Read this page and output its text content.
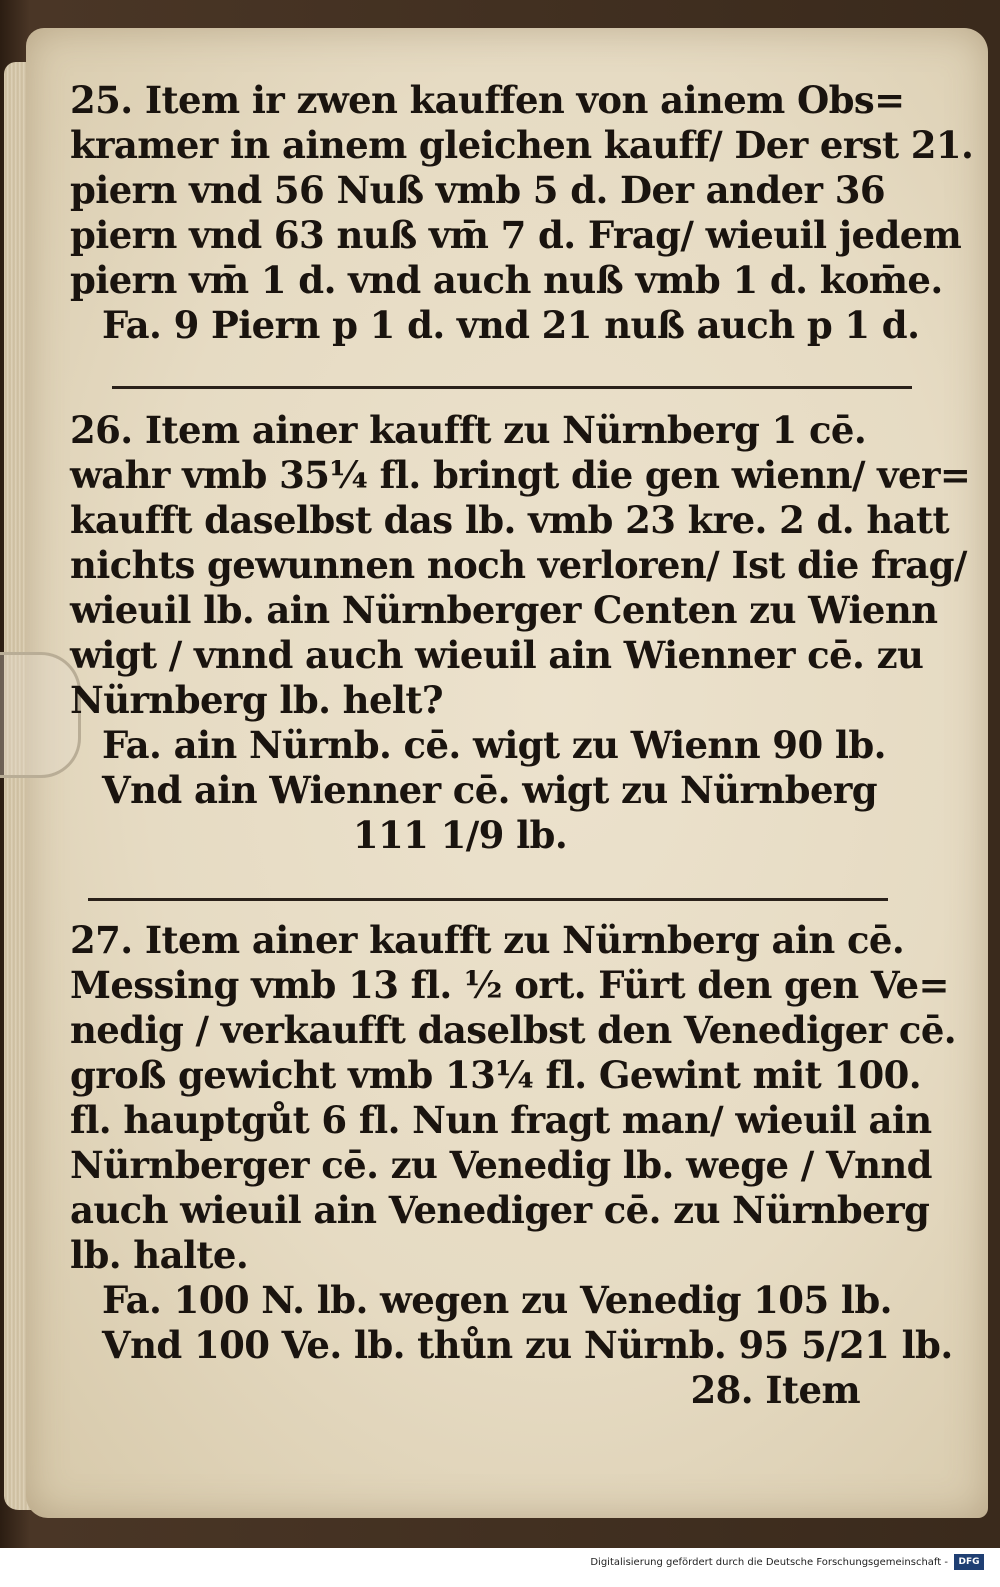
25. Item ir zwen kauffen von ainem Obs=
kramer in ainem gleichen kauff/ Der erst 21.
piern vnd 56 Nuß vmb 5 d. Der ander 36
piern vnd 63 nuß vm̄ 7 d. Frag/ wieuil jedem
piern vm̄ 1 d. vnd auch nuß vmb 1 d. kom̄e.
Fa. 9 Piern p 1 d. vnd 21 nuß auch p 1 d.
26. Item ainer kaufft zu Nürnberg 1 cē.
wahr vmb 35¼ fl. bringt die gen wienn/ ver=
kaufft daselbst das lb. vmb 23 kre. 2 d. hatt
nichts gewunnen noch verloren/ Ist die frag/
wieuil lb. ain Nürnberger Centen zu Wienn
wigt / vnnd auch wieuil ain Wienner cē. zu
Nürnberg lb. helt?
Fa. ain Nürnb. cē. wigt zu Wienn 90 lb.
Vnd ain Wienner cē. wigt zu Nürnberg
111 1/9 lb.
27. Item ainer kaufft zu Nürnberg ain cē.
Messing vmb 13 fl. ½ ort. Fürt den gen Ve=
nedig / verkaufft daselbst den Venediger cē.
groß gewicht vmb 13¼ fl. Gewint mit 100.
fl. hauptgůt 6 fl. Nun fragt man/ wieuil ain
Nürnberger cē. zu Venedig lb. wege / Vnnd
auch wieuil ain Venediger cē. zu Nürnberg
lb. halte.
Fa. 100 N. lb. wegen zu Venedig 105 lb.
Vnd 100 Ve. lb. thůn zu Nürnb. 95 5/21 lb.
28. Item
Digitalisierung gefördert durch die Deutsche Forschungsgemeinschaft -	DFG
